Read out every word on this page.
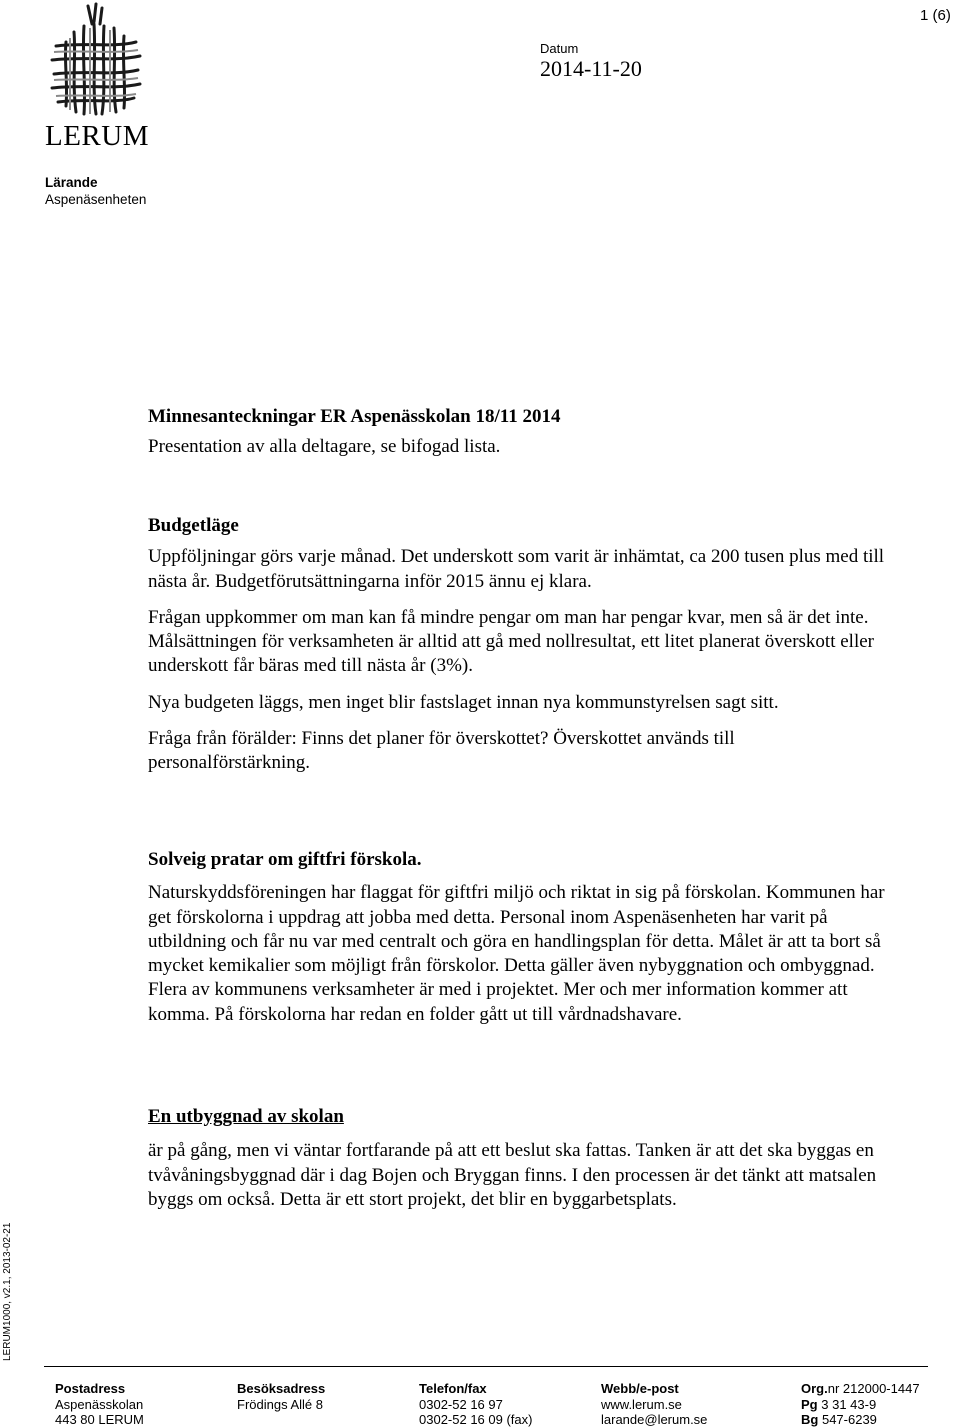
1 (6)
LERUM
Datum
2014-11-20
Lärande
Aspenäsenheten

Minnesanteckningar ER Aspenässkolan 18/11 2014

Presentation av alla deltagare, se bifogad lista.

Budgetläge

Uppföljningar görs varje månad. Det underskott som varit är inhämtat, ca 200 tusen plus med till nästa år. Budgetförutsättningarna inför 2015 ännu ej klara.

Frågan uppkommer om man kan få mindre pengar om man har pengar kvar, men så är det inte. Målsättningen för verksamheten är alltid att gå med nollresultat, ett litet planerat överskott eller underskott får bäras med till nästa år (3%).

Nya budgeten läggs, men inget blir fastslaget innan nya kommunstyrelsen sagt sitt.

Fråga från förälder: Finns det planer för överskottet? Överskottet används till personalförstärkning.

Solveig pratar om giftfri förskola.

Naturskyddsföreningen har flaggat för giftfri miljö och riktat in sig på förskolan. Kommunen har get förskolorna i uppdrag att jobba med detta. Personal inom Aspenäsenheten har varit på utbildning och får nu var med centralt och göra en handlingsplan för detta. Målet är att ta bort så mycket kemikalier som möjligt från förskolor. Detta gäller även nybyggnation och ombyggnad. Flera av kommunens verksamheter är med i projektet. Mer och mer information kommer att komma. På förskolorna har redan en folder gått ut till vårdnadshavare.

En utbyggnad av skolan

är på gång, men vi väntar fortfarande på att ett beslut ska fattas. Tanken är att det ska byggas en tvåvåningsbyggnad där i dag Bojen och Bryggan finns. I den processen är det tänkt att matsalen byggs om också. Detta är ett stort projekt, det blir en byggarbetsplats.

LERUM1000, v2.1, 2013-02-21
Postadress
Aspenässkolan
443 80 LERUM
Besöksadress
Frödings Allé 8
Telefon/fax
0302-52 16 97
0302-52 16 09 (fax)
Webb/e-post
www.lerum.se
larande@lerum.se
Org.nr 212000-1447
Pg 3 31 43-9
Bg 547-6239
